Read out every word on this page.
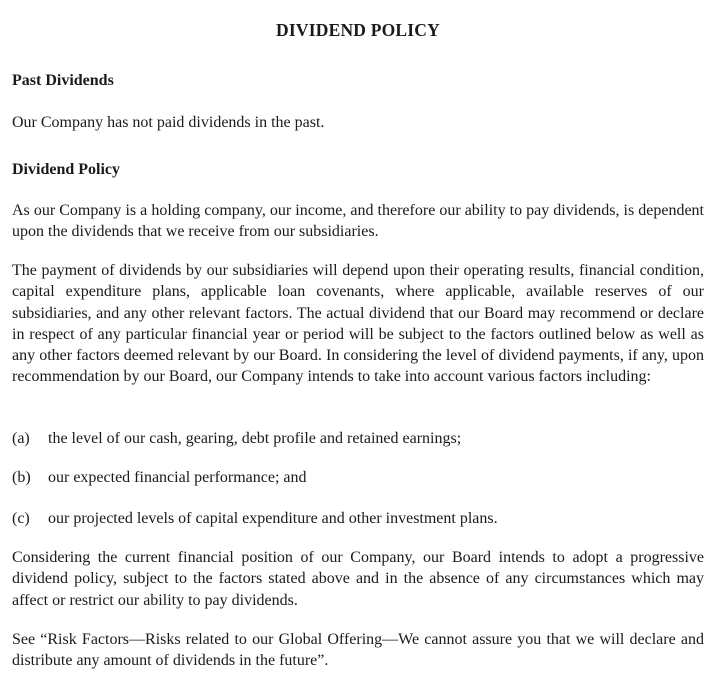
DIVIDEND POLICY
Past Dividends

Our Company has not paid dividends in the past.

Dividend Policy

As our Company is a holding company, our income, and therefore our ability to pay dividends, is dependent upon the dividends that we receive from our subsidiaries.

The payment of dividends by our subsidiaries will depend upon their operating results, financial condition, capital expenditure plans, applicable loan covenants, where applicable, available reserves of our subsidiaries, and any other relevant factors. The actual dividend that our Board may recommend or declare in respect of any particular financial year or period will be subject to the factors outlined below as well as any other factors deemed relevant by our Board. In considering the level of dividend payments, if any, upon recommendation by our Board, our Company intends to take into account various factors including:

(a) the level of our cash, gearing, debt profile and retained earnings;
(b) our expected financial performance; and
(c) our projected levels of capital expenditure and other investment plans.

Considering the current financial position of our Company, our Board intends to adopt a progressive dividend policy, subject to the factors stated above and in the absence of any circumstances which may affect or restrict our ability to pay dividends.

See “Risk Factors—Risks related to our Global Offering—We cannot assure you that we will declare and distribute any amount of dividends in the future”.
